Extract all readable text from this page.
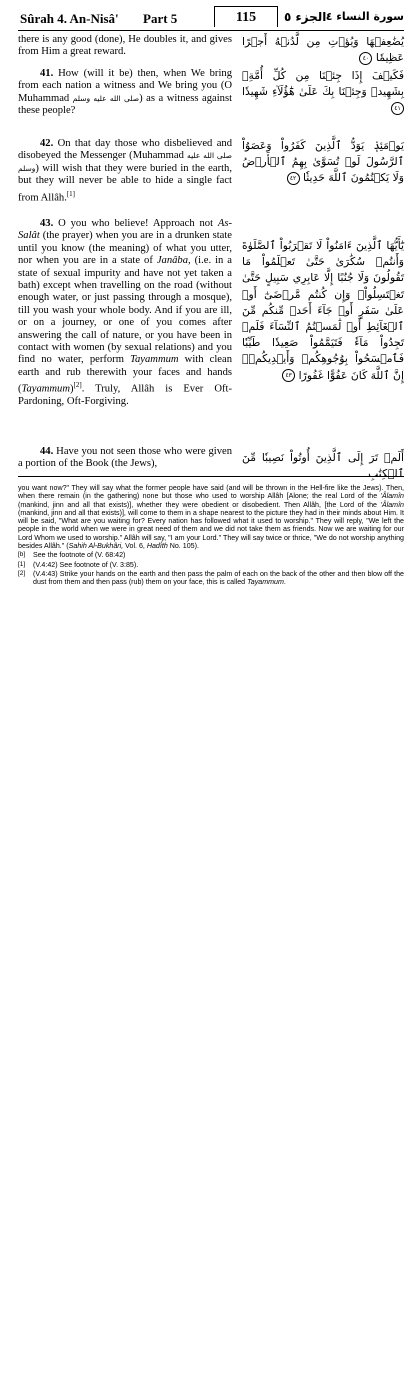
Sûrah 4. An-Nisâ' Part 5	115	الجزء ٥ سورة النساء ٤

there is any good (done), He doubles it, and gives from Him a great reward.

يُضَٰعِفۡهَا وَيُؤۡتِ مِن لَّدُنۡهُ أَجۡرًا عَظِيمٗا ٤٠

41. How (will it be) then, when We bring from each nation a witness and We bring you (O Muhammad صلى الله عليه وسلم) as a witness against these people?

فَكَيۡفَ إِذَا جِئۡنَا مِن كُلِّ أُمَّةِۭ بِشَهِيدٖ وَجِئۡنَا بِكَ عَلَىٰ هَٰٓؤُلَآءِ شَهِيدٗا ٤١

42. On that day those who disbelieved and disobeyed the Messenger (Muhammad صلى الله عليه وسلم) will wish that they were buried in the earth, but they will never be able to hide a single fact from Allâh.[1]

يَوۡمَئِذٖ يَوَدُّ ٱلَّذِينَ كَفَرُواْ وَعَصَوُاْ ٱلرَّسُولَ لَوۡ تُسَوَّىٰ بِهِمُ ٱلۡأَرۡضُ وَلَا يَكۡتُمُونَ ٱللَّهَ حَدِيثٗا ٤٢

43. O you who believe! Approach not As-Salât (the prayer) when you are in a drunken state until you know (the meaning) of what you utter, nor when you are in a state of Janâba, (i.e. in a state of sexual impurity and have not yet taken a bath) except when travelling on the road (without enough water, or just passing through a mosque), till you wash your whole body. And if you are ill, or on a journey, or one of you comes after answering the call of nature, or you have been in contact with women (by sexual relations) and you find no water, perform Tayammum with clean earth and rub therewith your faces and hands (Tayammum)[2]. Truly, Allâh is Ever Oft-Pardoning, Oft-Forgiving.

يَٰٓأَيُّهَا ٱلَّذِينَ ءَامَنُواْ لَا تَقۡرَبُواْ ٱلصَّلَوٰةَ وَأَنتُمۡ سُكَٰرَىٰ حَتَّىٰ تَعۡلَمُواْ مَا تَقُولُونَ وَلَا جُنُبًا إِلَّا عَابِرِي سَبِيلٍ حَتَّىٰ تَغۡتَسِلُواْۚ وَإِن كُنتُم مَّرۡضَىٰٓ أَوۡ عَلَىٰ سَفَرٍ أَوۡ جَآءَ أَحَدٞ مِّنكُم مِّنَ ٱلۡغَآئِطِ أَوۡ لَٰمَسۡتُمُ ٱلنِّسَآءَ فَلَمۡ تَجِدُواْ مَآءٗ فَتَيَمَّمُواْ صَعِيدٗا طَيِّبٗا فَٱمۡسَحُواْ بِوُجُوهِكُمۡ وَأَيۡدِيكُمۡۗ إِنَّ ٱللَّهَ كَانَ عَفُوًّا غَفُورًا ٤٣

44. Have you not seen those who were given a portion of the Book (the Jews),	أَلَمۡ تَرَ إِلَى ٱلَّذِينَ أُوتُواْ نَصِيبٗا مِّنَ ٱلۡكِتَٰبِ

you want now?" They will say what the former people have said (and will be thrown in the Hell-fire like the Jews). Then, when there remain (in the gathering) none but those who used to worship Allâh [Alone; the real Lord of the 'Âlamîn (mankind, jinn and all that exists)], whether they were obedient or disobedient. Then Allâh, [the Lord of the 'Âlamîn (mankind, jinn and all that exists)], will come to them in a shape nearest to the picture they had in their minds about Him. It will be said, "What are you waiting for? Every nation has followed what it used to worship." They will reply, "We left the people in the world when we were in great need of them and we did not take them as friends. Now we are waiting for our Lord Whom we used to worship." Allâh will say, "I am your Lord." They will say twice or thrice, "We do not worship anything besides Allâh." (Sahih Al-Bukhâri, Vol. 6, Hadîth No. 105).

[b] See the footnote of (V. 68:42)

[1] (V.4:42) See footnote of (V. 3:85).

[2] (V.4:43) Strike your hands on the earth and then pass the palm of each on the back of the other and then blow off the dust from them and then pass (rub) them on your face, this is called Tayammum.
